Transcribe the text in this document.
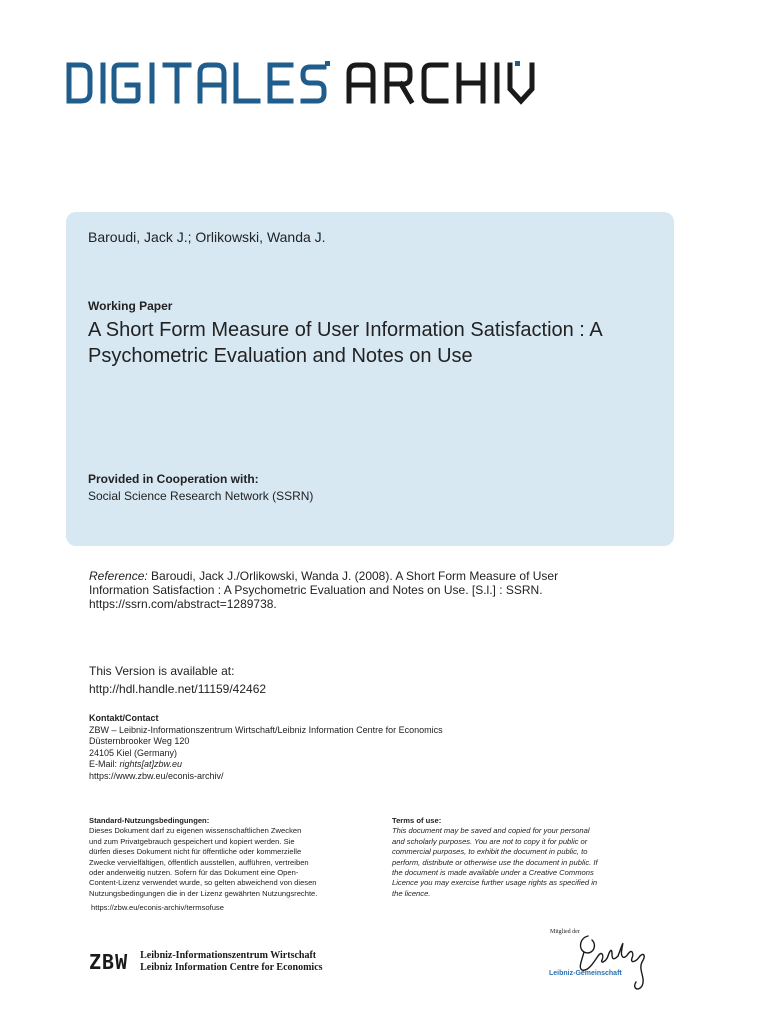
Baroudi, Jack J.; Orlikowski, Wanda J.
Working Paper
A Short Form Measure of User Information Satisfaction : A Psychometric Evaluation and Notes on Use
Provided in Cooperation with:
Social Science Research Network (SSRN)
Reference: Baroudi, Jack J./Orlikowski, Wanda J. (2008). A Short Form Measure of User Information Satisfaction : A Psychometric Evaluation and Notes on Use. [S.l.] : SSRN. https://ssrn.com/abstract=1289738.
This Version is available at:
http://hdl.handle.net/11159/42462
Kontakt/Contact
ZBW – Leibniz-Informationszentrum Wirtschaft/Leibniz Information Centre for Economics
Düsternbrooker Weg 120
24105 Kiel (Germany)
E-Mail: rights[at]zbw.eu
https://www.zbw.eu/econis-archiv/
Standard-Nutzungsbedingungen:
Dieses Dokument darf zu eigenen wissenschaftlichen Zwecken
und zum Privatgebrauch gespeichert und kopiert werden. Sie
dürfen dieses Dokument nicht für öffentliche oder kommerzielle
Zwecke vervielfältigen, öffentlich ausstellen, aufführen, vertreiben
oder anderweitig nutzen. Sofern für das Dokument eine Open-
Content-Lizenz verwendet wurde, so gelten abweichend von diesen
Nutzungsbedingungen die in der Lizenz gewährten Nutzungsrechte.
https://zbw.eu/econis-archiv/termsofuse
Terms of use:
This document may be saved and copied for your personal
and scholarly purposes. You are not to copy it for public or
commercial purposes, to exhibit the document in public, to
perform, distribute or otherwise use the document in public. If
the document is made available under a Creative Commons
Licence you may exercise further usage rights as specified in
the licence.
ZBW Leibniz-Informationszentrum Wirtschaft
Leibniz Information Centre for Economics
Mitglied der
Leibniz-Gemeinschaft
